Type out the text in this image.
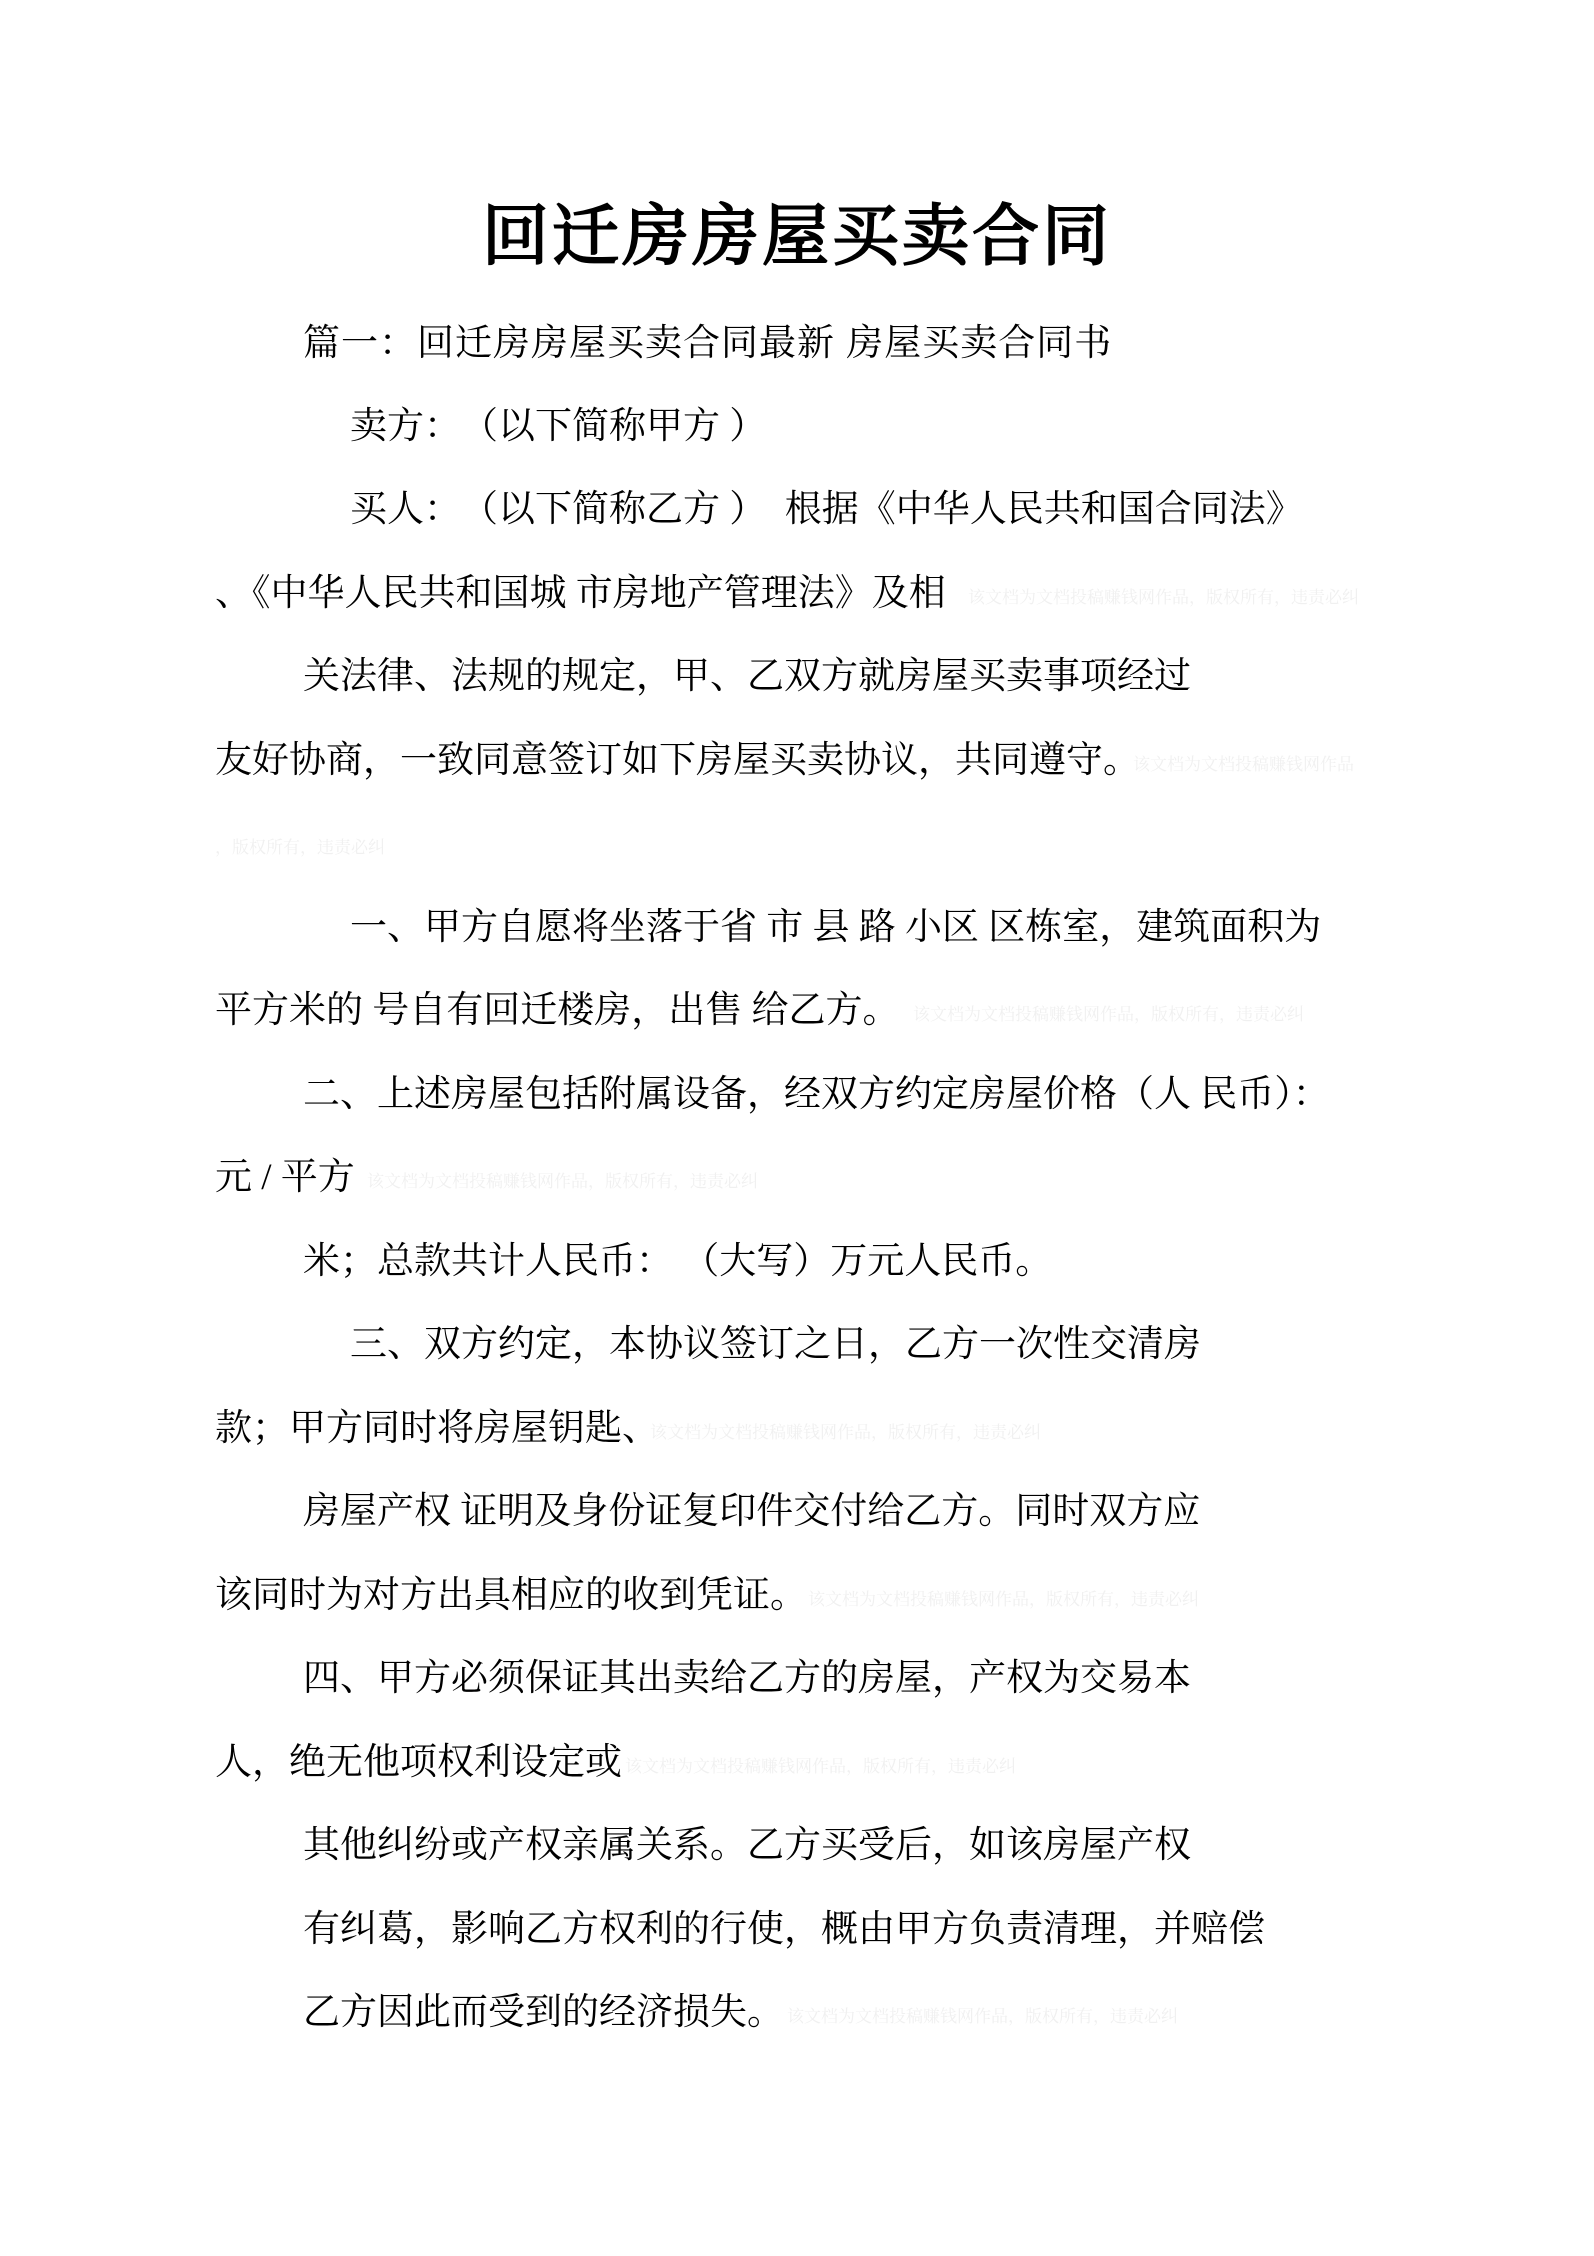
回迁房房屋买卖合同
篇一：回迁房房屋买卖合同最新 房屋买卖合同书
卖方：　（以下简称甲方 ）
买人：　（以下简称乙方 ）　根据《中华人民共和国合同法》
、《中华人民共和国城 市房地产管理法》及相 该文档为文档投稿赚钱网作品，版权所有，违责必纠
关法律、法规的规定，甲、乙双方就房屋买卖事项经过
友好协商，一致同意签订如下房屋买卖协议，共同遵守。
该文档为文档投稿赚钱网作品
，版权所有，违责必纠
一、甲方自愿将坐落于省 市 县 路 小区 区栋室，建筑面积为
平方米的 号自有回迁楼房，出售 给乙方。 该文档为文档投稿赚钱网作品，版权所有，违责必纠
二、上述房屋包括附属设备，经双方约定房屋价格（人 民币）：
元 / 平方 该文档为文档投稿赚钱网作品，版权所有，违责必纠
米；总款共计人民币： （大写）万元人民币。
三、双方约定，本协议签订之日，乙方一次性交清房
款；甲方同时将房屋钥匙、
该文档为文档投稿赚钱网作品，版权所有，违责必纠
房屋产权 证明及身份证复印件交付给乙方。同时双方应
该同时为对方出具相应的收到凭证。 该文档为文档投稿赚钱网作品，版权所有，违责必纠
四、甲方必须保证其出卖给乙方的房屋，产权为交易本
人，绝无他项权利设定或 该文档为文档投稿赚钱网作品，版权所有，违责必纠
其他纠纷或产权亲属关系。乙方买受后，如该房屋产权
有纠葛，影响乙方权利的行使，概由甲方负责清理，并赔偿
乙方因此而受到的经济损失。 该文档为文档投稿赚钱网作品，版权所有，违责必纠
